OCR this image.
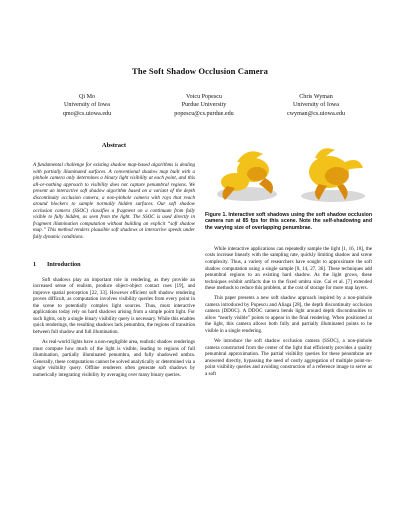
The Soft Shadow Occlusion Camera
Qi Mo
University of Iowa
qmo@cs.uiowa.edu
Voicu Popescu
Purdue University
popescu@cs.purdue.edu
Chris Wyman
University of Iowa
cwyman@cs.uiowa.edu
Abstract

A fundamental challenge for existing shadow map-based algorithms is dealing with partially illuminated surfaces. A conventional shadow map built with a pinhole camera only determines a binary light visibility at each point, and this all-or-nothing approach to visibility does not capture penumbral regions. We present an interactive soft shadow algorithm based on a variant of the depth discontinuity occlusion camera, a non-pinhole camera with rays that reach around blockers to sample normally hidden surfaces. Our soft shadow occlusion camera (SSOC) classifies a fragment on a continuum from fully visible to fully hidden, as seen from the light. The SSOC is used directly in fragment illumination computation without building an explicit “soft shadow map.” This method renders plausible soft shadows at interactive speeds under fully dynamic conditions.

1 Introduction

Soft shadows play an important role in rendering, as they provide an increased sense of realism, produce object-object contact cues [19], and improve spatial perception [22, 33]. However efficient soft shadow rendering proves difficult, as computation involves visibility queries from every point in the scene to potentially complex light sources. Thus, most interactive applications today rely on hard shadows arising from a simple point light. For such lights, only a single binary visibility query is necessary. While this enables quick renderings, the resulting shadows lack penumbra, the regions of transition between full shadow and full illumination.

As real-world lights have a non-negligible area, realistic shadow renderings must compute how much of the light is visible, leading to regions of full illumination, partially illuminated penumbra, and fully shadowed umbra. Generally, these computations cannot be solved analytically or determined via a single visibility query. Offline renderers often generate soft shadows by numerically integrating visibility by averaging over many binary queries.

Figure 1. Interactive soft shadows using the soft shadow occlusion camera run at 85 fps for this scene. Note the self-shadowing and the varying size of overlapping penumbrae.

While interactive applications can repeatedly sample the light [1, 16, 18], the costs increase linearly with the sampling rate, quickly limiting shadow and scene complexity. Thus, a variety of researchers have sought to approximate the soft shadow computation using a single sample [8, 14, 27, 36]. These techniques add penumbral regions to an existing hard shadow. As the light grows, these techniques exhibit artifacts due to the fixed umbra size. Cai et al. [7] extended these methods to reduce this problem, at the cost of storage for more map layers.

This paper presents a new soft shadow approach inspired by a non-pinhole camera introduced by Popescu and Aliaga [28], the depth discontinuity occlusion camera (DDOC). A DDOC camera bends light around depth discontinuities to allow “nearly visible” points to appear in the final rendering. When positioned at the light, this camera allows both fully and partially illuminated points to be visible in a single rendering.

We introduce the soft shadow occlusion camera (SSOC), a non-pinhole camera constructed from the center of the light that efficiently provides a quality penumbral approximation. The partial visibility queries for these penumbrae are answered directly, bypassing the need of costly aggregation of multiple point-to-point visibility queries and avoiding construction of a reference image to serve as a soft
